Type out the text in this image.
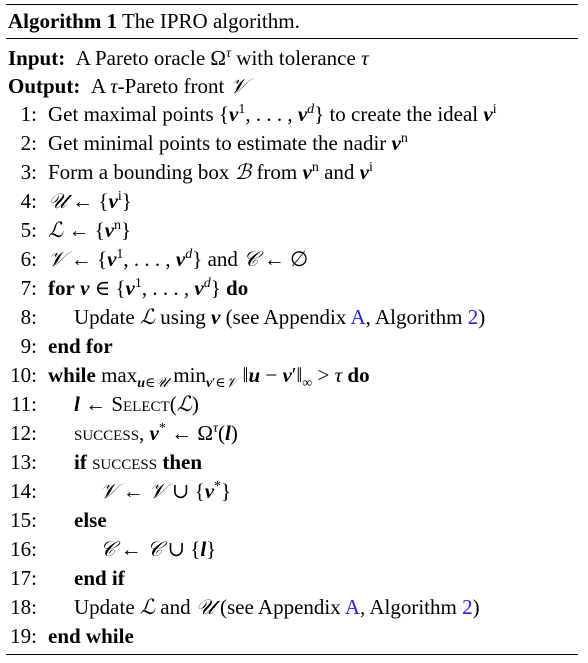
Algorithm 1 The IPRO algorithm.
Input:  A Pareto oracle $\Omega^\tau$ with tolerance τ
Output:  A τ-Pareto front 𝒱
1: Get maximal points {$v^1$, . . . , $v^d$} to create the ideal $v^i$
2: Get minimal points to estimate the nadir $v^n$
3: Form a bounding box ℬ from $v^n$ and $v^i$
4: 𝒰 ← $\{v^i\}$
5: ℒ ← $\{v^n\}$
6: 𝒱 ← {$v^1$, . . . , $v^d$} and 𝒞 ← ∅
7: for v ∈ {$v^1$, . . . , $v^d$} do
8: Update ℒ using v (see Appendix A, Algorithm 2)
9: end for
10: while $\max_{u\in 𝒰} \min_{v'\in 𝒱}$ ‖u − $v'‖_\infty > \tau$ do
11: l ← Select(ℒ)
12: success, v* ← $\Omega^\tau(l)$
13: if success then
14:	𝒱 ← 𝒱 ∪ {v*}
15: else
16:	𝒞 ← 𝒞 ∪ {l}
17: end if
18: Update ℒ and 𝒰 (see Appendix A, Algorithm 2)
19: end while
